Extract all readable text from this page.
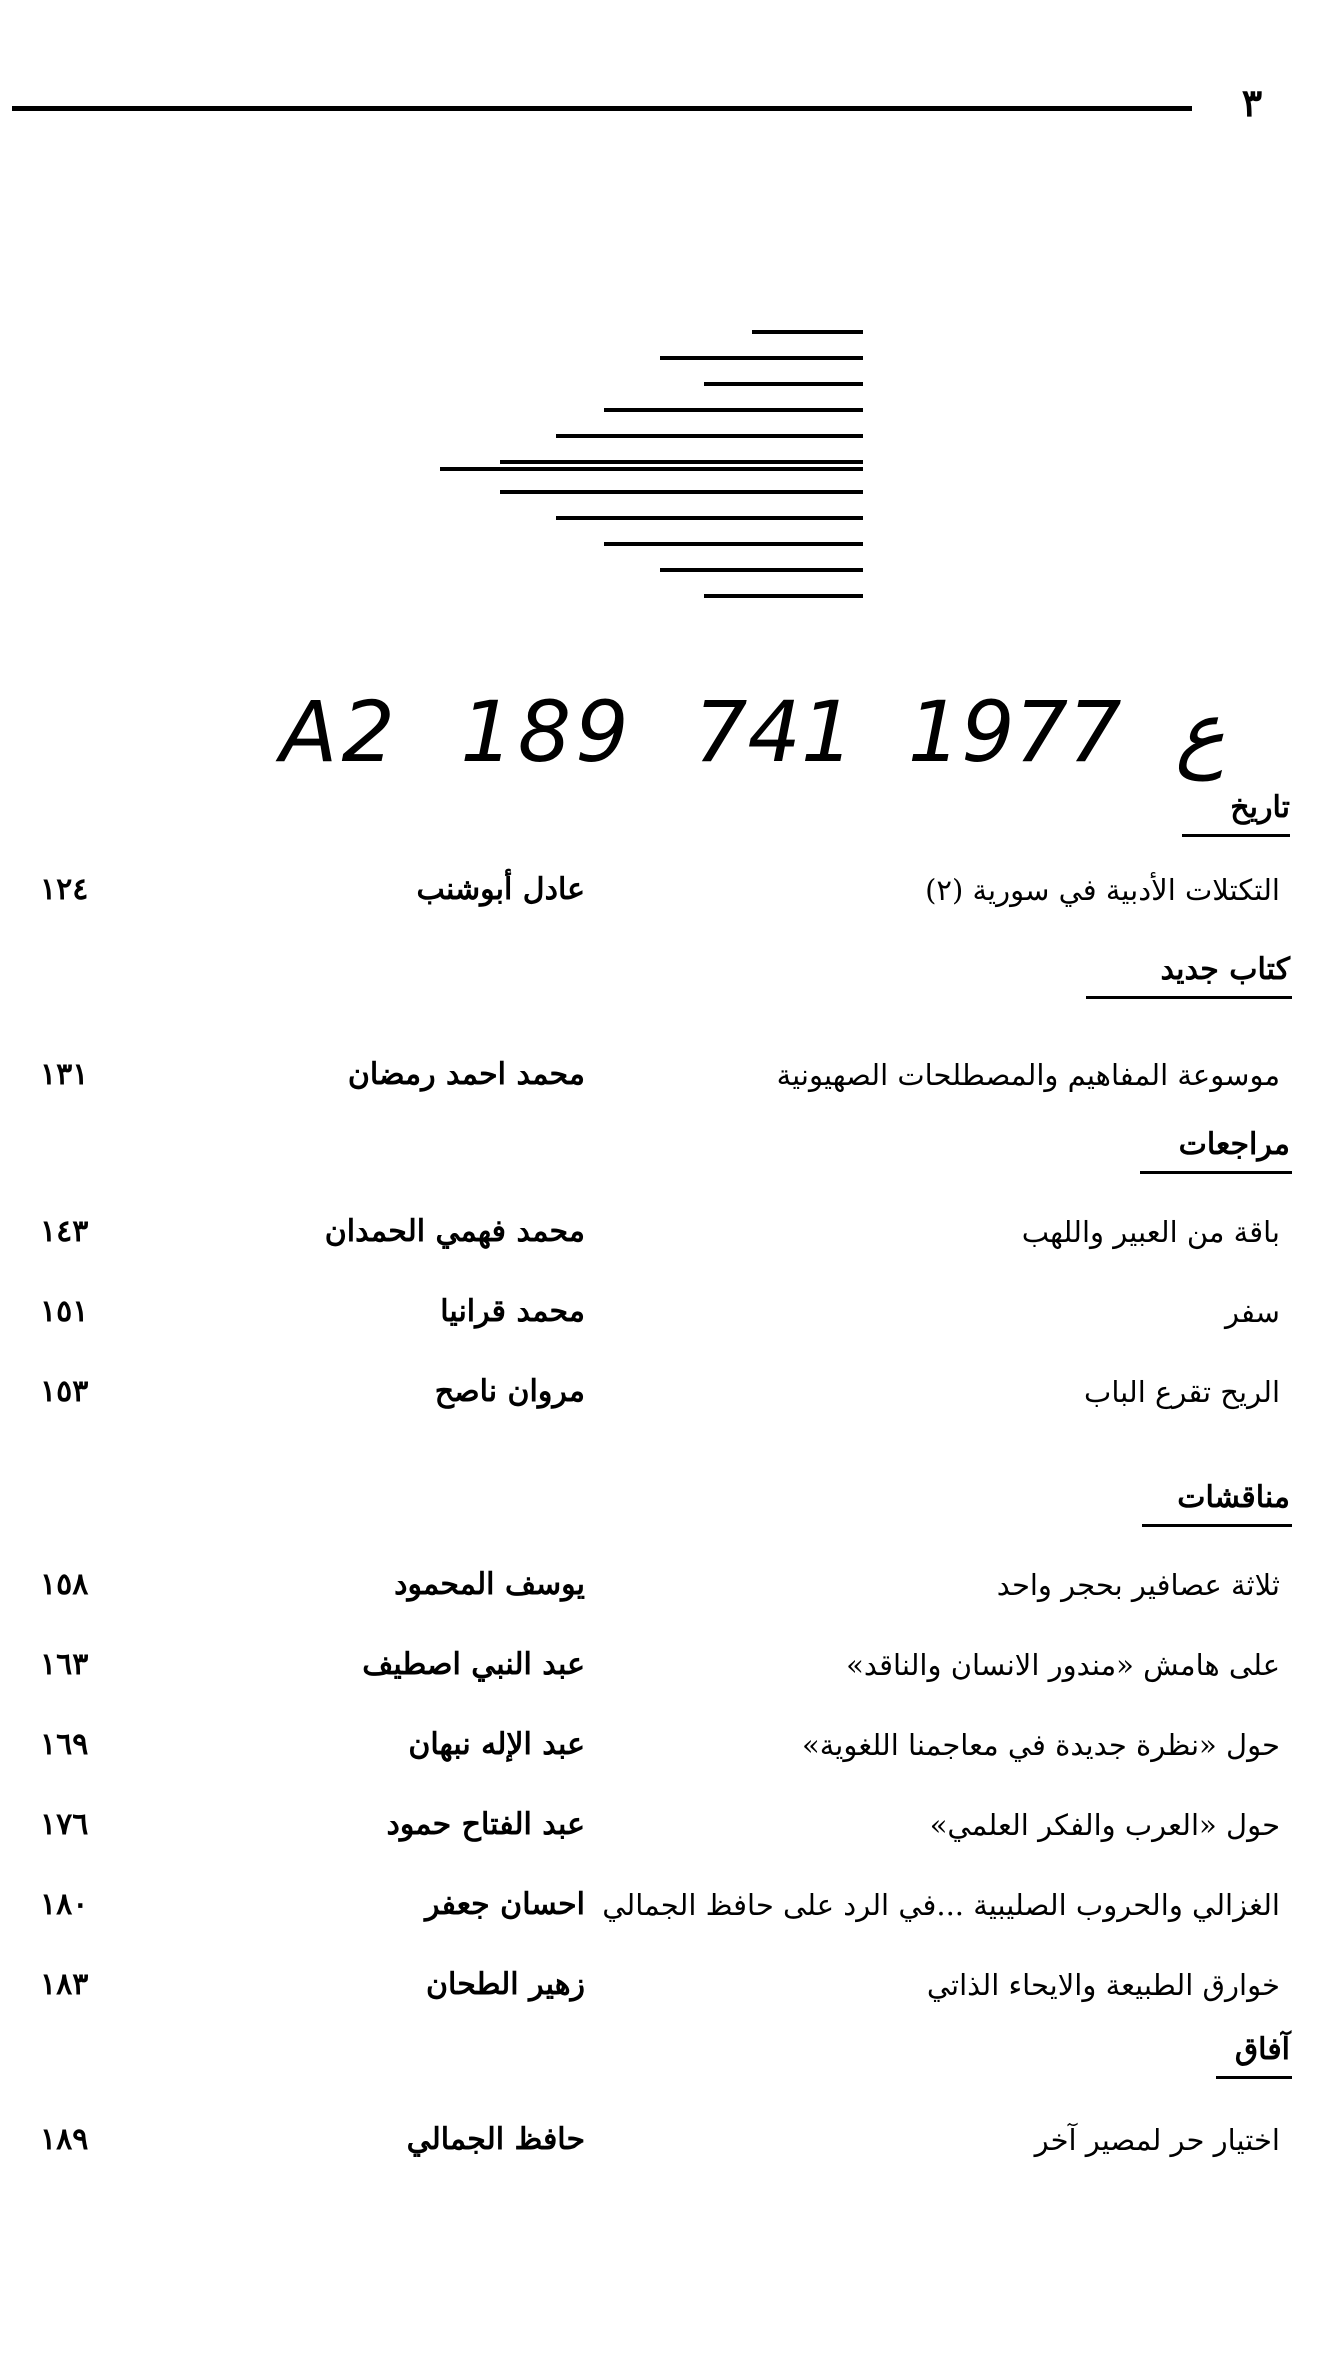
٣
A2  189  ع  1977  741
تاريخ
التكتلات الأدبية في سورية (٢)
عادل أبوشنب
١٢٤
كتاب جديد
موسوعة المفاهيم والمصطلحات الصهيونية
محمد احمد رمضان
١٣١
مراجعات
باقة من العبير واللهب
محمد فهمي الحمدان
١٤٣
سفر
محمد قرانيا
١٥١
الريح تقرع الباب
مروان ناصح
١٥٣
مناقشات
ثلاثة عصافير بحجر واحد
يوسف المحمود
١٥٨
على هامش «مندور الانسان والناقد»
عبد النبي اصطيف
١٦٣
حول «نظرة جديدة في معاجمنا اللغوية»
عبد الإله نبهان
١٦٩
حول «العرب والفكر العلمي»
عبد الفتاح حمود
١٧٦
الغزالي والحروب الصليبية ...في الرد على حافظ الجمالي
احسان جعفر
١٨٠
خوارق الطبيعة والايحاء الذاتي
زهير الطحان
١٨٣
آفاق
اختيار حر لمصير آخر
حافظ الجمالي
١٨٩
